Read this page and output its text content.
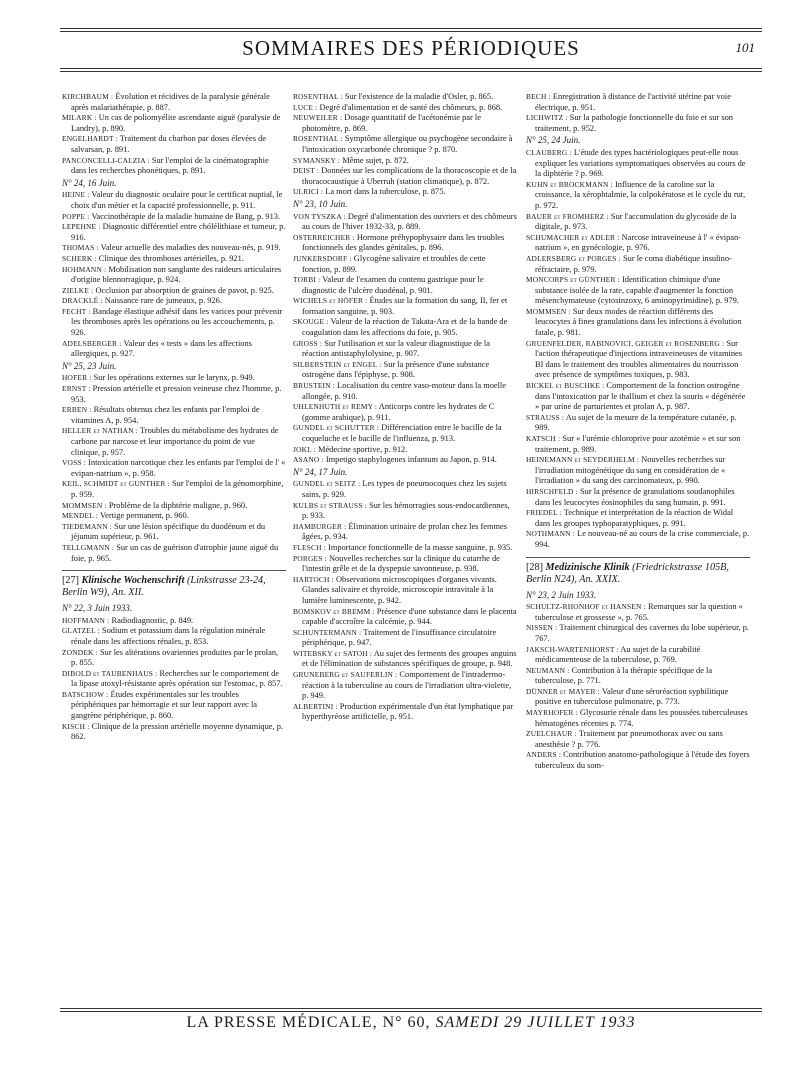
SOMMAIRES DES PÉRIODIQUES	101

KIRCHBAUM : Évolution et récidives de la paralysie générale après malariathérapie, p. 887.

MILARK : Un cas de poliomyélite ascendante aiguë (paralysie de Landry), p. 890.

ENGELHARDT : Traitement du charbon par doses élevées de salvarsan, p. 891.

PANCONCELLI-CALZIA : Sur l'emploi de la cinématographie dans les recherches phonétiques, p. 891.

N° 24, 16 Juin.

HEINE : Valeur du diagnostic oculaire pour le certificat nuptial, le choix d'un métier et la capacité professionnelle, p. 911.

POPPE : Vaccinothérapie de la maladie humaine de Bang, p. 913.

LEPEHNE : Diagnostic différentiel entre chólélithiase et tumeur, p. 916.

THOMAS : Valeur actuelle des maladies des nouveau-nés, p. 919.

SCHERK : Clinique des thromboses artérielles, p. 921.

HOHMANN : Mobilisation non sanglante des raideurs articulaires d'origine blennorragique, p. 924.

ZIELKE : Occlusion par absorption de graines de pavot, p. 925.

DRACKLÉ : Naissance rare de jumeaux, p. 926.

FECHT : Bandage élastique adhésif dans les varices pour prévenir les thromboses après les opérations ou les accouchements, p. 926.

ADELSBERGER : Valeur des « tests » dans les affections allergiques, p. 927.

N° 25, 23 Juin.

HOFER : Sur les opérations externes sur le larynx, p. 949.

ERNST : Pression artérielle et pression veineuse chez l'homme, p. 953.

ERBEN : Résultats obtenus chez les enfants par l'emploi de vitamines A, p. 954.

HELLER et NATHAN : Troubles du métabolisme des hydrates de carbone par narcose et leur importance du point de vue clinique, p. 957.

VOSS : Intoxication narcotique chez les enfants par l'emploi de l' « evipan-natrium », p. 958.

KEIL, SCHMIDT et GUNTHER : Sur l'emploi de la génomorphine, p. 959.

MOMMSEN : Problème de la diphtérie maligne, p. 960.

MENDEL : Vertige permanent, p. 960.

TIEDEMANN : Sur une lésion spécifique du duodénum et du jéjunum supérieur, p. 961.

TELLGMANN : Sur un cas de guérison d'atrophie jaune aiguë du foie, p. 965.

[27] Klinische Wochenschrift (Linkstrasse 23-24, Berlin W9), An. XII.

N° 22, 3 Juin 1933.

HOFFMANN : Radiodiagnostic, p. 849.

GLATZEL : Sodium et potassium dans la régulation minérale rénale dans les affections rénales, p. 853.

ZONDEK : Sur les altérations ovariennes produites par le prolan, p. 855.

DIBOLD et TAUBENHAUS : Recherches sur le comportement de la lipase atoxyl-résistante après opération sur l'estomac, p. 857.

BATSCHOW : Études expérimentales sur les troubles périphériques par hémorragie et sur leur rapport avec la gangrène périphérique, p. 860.

KISCH : Clinique de la pression artérielle moyenne dynamique, p. 862.

ROSENTHAL : Sur l'existence de la maladie d'Osler, p. 865.

LUCE : Degré d'alimentation et de santé des chômeurs, p. 868.

NEUWEILER : Dosage quantitatif de l'acétonémie par le photomètre, p. 869.

ROSENTHAL : Symptôme allergique ou psychogène secondaire à l'intoxication oxycarbonée chronique ? p. 870.

SYMANSKY : Même sujet, p. 872.

DEIST : Données sur les complications de la thoracoscopie et de la thoracocaustique à Uberruh (station climatique), p. 872.

ULRICI : La mort dans la tuberculose, p. 875.

N° 23, 10 Juin.

VON TYSZKA : Degré d'alimentation des ouvriers et des chômeurs au cours de l'hiver 1932-33, p. 889.

OSTERREICHER : Hormone préhypophysaire dans les troubles fonctionnels des glandes génitales, p. 896.

JUNKERSDORF : Glycogène salivaire et troubles de cette fonction, p. 899.

TORBI : Valeur de l'examen du contenu gastrique pour le diagnostic de l'ulcère duodénal, p. 901.

WICHELS et HÖFER : Études sur la formation du sang, II, fer et formation sanguine, p. 903.

SKOUGE : Valeur de la réaction de Takata-Ara et de la bande de coagulation dans les affections du foie, p. 905.

GROSS : Sur l'utilisation et sur la valeur diagnostique de la réaction antistaphylolysine, p. 907.

SILBERSTEIN et ENGEL : Sur la présence d'une substance ostrogène dans l'épiphyse, p. 908.

BRUSTEIN : Localisation du centre vaso-moteur dans la moelle allongée, p. 910.

UHLENHUTH et REMY : Anticorps contre les hydrates de C (gomme arabique), p. 911.

GUNDEL et SCHUTTER : Différenciation entre le bacille de la coqueluche et le bacille de l'influenza, p. 913.

JOKL : Médecine sportive, p. 912.

ASANO : Impetigo staphylogenes infantum au Japon, p. 914.

N° 24, 17 Juin.

GUNDEL et SEITZ : Les types de pneumocoques chez les sujets sains, p. 929.

KULBS et STRAUSS : Sur les hémorragies sous-endocardiennes, p. 933.

HAMBURGER : Élimination urinaire de prolan chez les femmes âgées, p. 934.

FLESCH : Importance fonctionnelle de la masse sanguine, p. 935.

PORGES : Nouvelles recherches sur la clinique du catarrhe de l'intestin grêle et de la dyspepsie savonneuse, p. 938.

HARTOCH : Observations microscopiques d'organes vivants. Glandes salivaire et thyroïde, microscopie intravitale à la lumière luminescente, p. 942.

BOMSKOV et BREMM : Présence d'une substance dans le placenta capable d'accroître la calcémie, p. 944.

SCHUNTERMANN : Traitement de l'insuffisance circulatoire périphérique, p. 947.

WITEBSKY et SATOH : Au sujet des ferments des groupes anguins et de l'élimination de substances spécifiques de groupe, p. 948.

GRUNEBERG et SAUFERLIN : Comportement de l'intradermo-réaction à la tuberculine au cours de l'irradiation ultra-violette, p. 949.

ALBERTINI : Production expérimentale d'un état lymphatique par hyperthyréose artificielle, p. 951.

BECH : Enregistration à distance de l'activité utérine par voie électrique, p. 951.

LICHWITZ : Sur la pathologie fonctionnelle du foie et sur son traitement, p. 952.

N° 25, 24 Juin.

CLAUBERG : L'étude des types bactériologiques peut-elle nous expliquer les variations symptomatiques observées au cours de la diphtérie ? p. 969.

KUHN et BROCKMANN : Influence de la caroline sur la croissance, la xérophtalmie, la colpokératose et le cycle du rut, p. 972.

BAUER et FROMHERZ : Sur l'accumulation du glycoside de la digitale, p. 973.

SCHUMACHER et ADLER : Narcose intraveineuse à l' « évipan-natrium », en gynécologie, p. 976.

ADLERSBERG et PORGES : Sur le coma diabétique insulino-réfractaire, p. 979.

MONCORPS et GÜNTHER : Identification chimique d'une substance isolée de la rate, capable d'augmenter la fonction mésenchymateuse (cytosinzoxy, 6 aminopyrimidine), p. 979.

MOMMSEN : Sur deux modes de réaction différents des leucocytes à fines granulations dans les infections à évolution fatale, p. 981.

GRUENFELDER, RABINOVICI, GEIGER et ROSENBERG : Sur l'action thérapeutique d'injections intraveineuses de vitamines BI dans le traitement des troubles alimentaires du nourrisson avec présence de symptômes toxiques, p. 983.

BICKEL et BUSCHKE : Comportement de la fonction ostrogène dans l'intoxication par le thallium et chez la souris « dégénérée » par urine de parturientes et prolan A, p. 987.

STRAUSS : Au sujet de la mesure de la température cutanée, p. 989.

KATSCH : Sur « l'urémie chloroprive pour azotémie » et sur son traitement, p. 989.

HEINEMANN et SEYDERHELM : Nouvelles recherches sur l'irradiation mitogénétique du sang en considération de « l'irradiation » du sang des carcinomateux, p. 990.

HIRSCHFELD : Sur la présence de granulations soudanophiles dans les leucocytes éosinophiles du sang humain, p. 991.

FRIEDEL : Technique et interprétation de la réaction de Widal dans les groupes typhoparatyphiques, p. 991.

NOTHMANN : Le nouveau-né au cours de la crise commerciale, p. 994.

[28] Medizinische Klinik (Friedrickstrasse 105B, Berlin N24), An. XXIX.

N° 23, 2 Juin 1933.

SCHULTZ-RHONHOF et HANSEN : Remarques sur la question « tuberculose et grossesse », p. 765.

NISSEN : Traitement chirurgical des cavernes du lobe supérieur, p. 767.

JAKSCH-WARTENHORST : Au sujet de la curabilité médicamenteuse de la tuberculose, p. 769.

NEUMANN : Contribution à la thérapie spécifique de la tuberculose, p. 771.

DÜNNER et MAYER : Valeur d'une séroréaction syphilitique positive en tuberculose pulmonaire, p. 773.

MAYRHOFER : Glycosurie rénale dans les poussées tuberculeuses hématogènes récentes p. 774.

ZUELCHAUR : Traitement par pneumothorax avec ou sans anesthésie ? p. 776.

ANDERS : Contribution anatomo-pathologique à l'étude des foyers tuberculeux du som-

LA PRESSE MÉDICALE, N° 60, SAMEDI 29 JUILLET 1933
